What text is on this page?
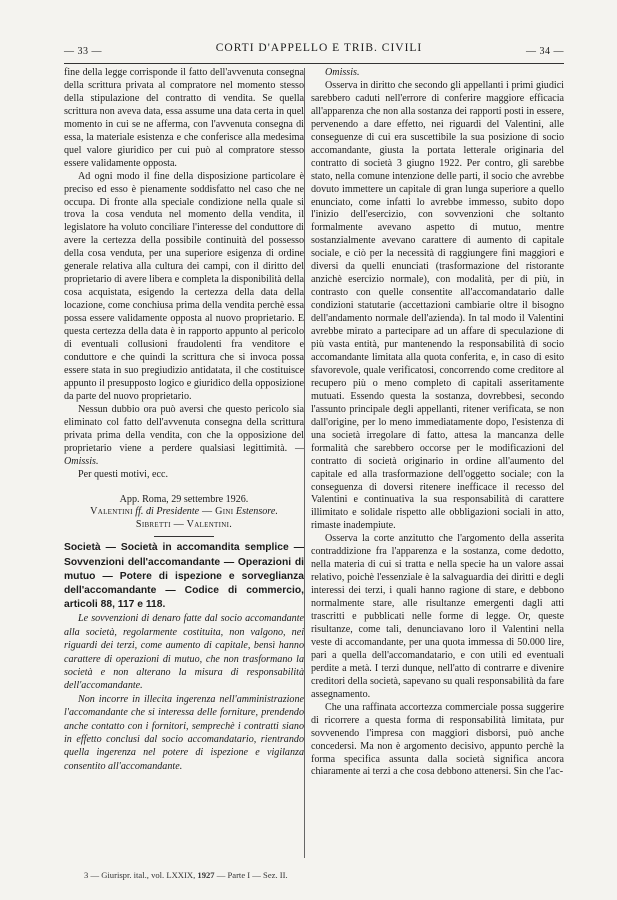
— 33 —	CORTI D'APPELLO E TRIB. CIVILI	— 34 —

fine della legge corrisponde il fatto dell'avvenuta consegna della scrittura privata al compratore nel momento stesso della stipulazione del contratto di vendita. Se quella scrittura non aveva data, essa assume una data certa in quel momento in cui se ne afferma, con l'avvenuta consegna di essa, la materiale esistenza e che conferisce alla medesima quel valore giuridico per cui può al compratore stesso essere validamente opposta.

Ad ogni modo il fine della disposizione particolare è preciso ed esso è pienamente soddisfatto nel caso che ne occupa. Di fronte alla speciale condizione nella quale si trova la cosa venduta nel momento della vendita, il legislatore ha voluto conciliare l'interesse del conduttore di avere la certezza della possibile continuità del possesso della cosa venduta, per una superiore esigenza di ordine generale relativa alla cultura dei campi, con il diritto del proprietario di avere libera e completa la disponibilità della cosa acquistata, esigendo la certezza della data della locazione, come conchiusa prima della vendita perchè essa possa essere validamente opposta al nuovo proprietario. E questa certezza della data è in rapporto appunto al pericolo di eventuali collusioni fraudolenti fra venditore e conduttore e che quindi la scrittura che si invoca possa essere stata in suo pregiudizio antidatata, il che costituisce appunto il presupposto logico e giuridico della opposizione da parte del nuovo proprietario.

Nessun dubbio ora può aversi che questo pericolo sia eliminato col fatto dell'avvenuta consegna della scrittura privata prima della vendita, con che la opposizione del proprietario viene a perdere qualsiasi legittimità. — Omissis.

Per questi motivi, ecc.

App. Roma, 29 settembre 1926.

Valentini ff. di Presidente — Gini Estensore.

Sibretti — Valentini.

Società — Società in accomandita semplice — Sovvenzioni dell'accomandante — Operazioni di mutuo — Potere di ispezione e sorveglianza dell'accomandante — Codice di commercio, articoli 88, 117 e 118.

Le sovvenzioni di denaro fatte dal socio accomandante alla società, regolarmente costituita, non valgono, nei riguardi dei terzi, come aumento di capitale, bensì hanno carattere di operazioni di mutuo, che non trasformano la società e non alterano la misura di responsabilità dell'accomandante.

Non incorre in illecita ingerenza nell'amministrazione l'accomandante che si interessa delle forniture, prendendo anche contatto con i fornitori, semprechè i contratti siano in effetto conclusi dal socio accomandatario, rientrando quella ingerenza nel potere di ispezione e vigilanza consentito all'accomandante.

Omissis.

Osserva in diritto che secondo gli appellanti i primi giudici sarebbero caduti nell'errore di conferire maggiore efficacia all'apparenza che non alla sostanza dei rapporti posti in essere, pervenendo a dare effetto, nei riguardi del Valentini, alle conseguenze di cui era suscettibile la sua posizione di socio accomandante, giusta la portata letterale originaria del contratto di società 3 giugno 1922. Per contro, gli sarebbe stato, nella comune intenzione delle parti, il socio che avrebbe dovuto immettere un capitale di gran lunga superiore a quello enunciato, come infatti lo avrebbe immesso, subito dopo l'inizio dell'esercizio, con sovvenzioni che soltanto formalmente avevano aspetto di mutuo, mentre sostanzialmente avevano carattere di aumento di capitale sociale, e ciò per la necessità di raggiungere fini maggiori e diversi da quelli enunciati (trasformazione del ristorante anzichè esercizio normale), con modalità, per di più, in contrasto con quelle consentite all'accomandatario dalle condizioni statutarie (accettazioni cambiarie oltre il bisogno dell'andamento normale dell'azienda). In tal modo il Valentini avrebbe mirato a partecipare ad un affare di speculazione di più vasta entità, pur mantenendo la responsabilità di socio accomandante limitata alla quota conferita, e, in caso di esito sfavorevole, quale verificatosi, concorrendo come creditore al recupero più o meno completo di capitali asseritamente mutuati. Essendo questa la sostanza, dovrebbesi, secondo l'assunto principale degli appellanti, ritener verificata, se non dall'origine, per lo meno immediatamente dopo, l'esistenza di una società irregolare di fatto, attesa la mancanza delle formalità che sarebbero occorse per le modificazioni del contratto di società originario in ordine all'aumento del capitale ed alla trasformazione dell'oggetto sociale; con la conseguenza di doversi ritenere inefficace il recesso del Valentini e continuativa la sua responsabilità di carattere illimitato e solidale rispetto alle obbligazioni sociali in atto, rimaste inadempiute.

Osserva la corte anzitutto che l'argomento della asserita contraddizione fra l'apparenza e la sostanza, come dedotto, nella materia di cui si tratta e nella specie ha un valore assai relativo, poichè l'essenziale è la salvaguardia dei diritti e degli interessi dei terzi, i quali hanno ragione di stare, e debbono normalmente stare, alle risultanze emergenti dagli atti trascritti e pubblicati nelle forme di legge. Or, queste risultanze, come tali, denunciavano loro il Valentini nella veste di accomandante, per una quota immessa di 50.000 lire, pari a quella dell'accomandatario, e con utili ed eventuali perdite a metà. I terzi dunque, nell'atto di contrarre e divenire creditori della società, sapevano su quali responsabilità da fare assegnamento.

Che una raffinata accortezza commerciale possa suggerire di ricorrere a questa forma di responsabilità limitata, pur sovvenendo l'impresa con maggiori disborsi, può anche concedersi. Ma non è argomento decisivo, appunto perchè la forma specifica assunta dalla società significa ancora chiaramente ai terzi a che cosa debbono attenersi. Sin che l'ac-

3 — Giurispr. ital., vol. LXXIX, 1927 — Parte I — Sez. II.
